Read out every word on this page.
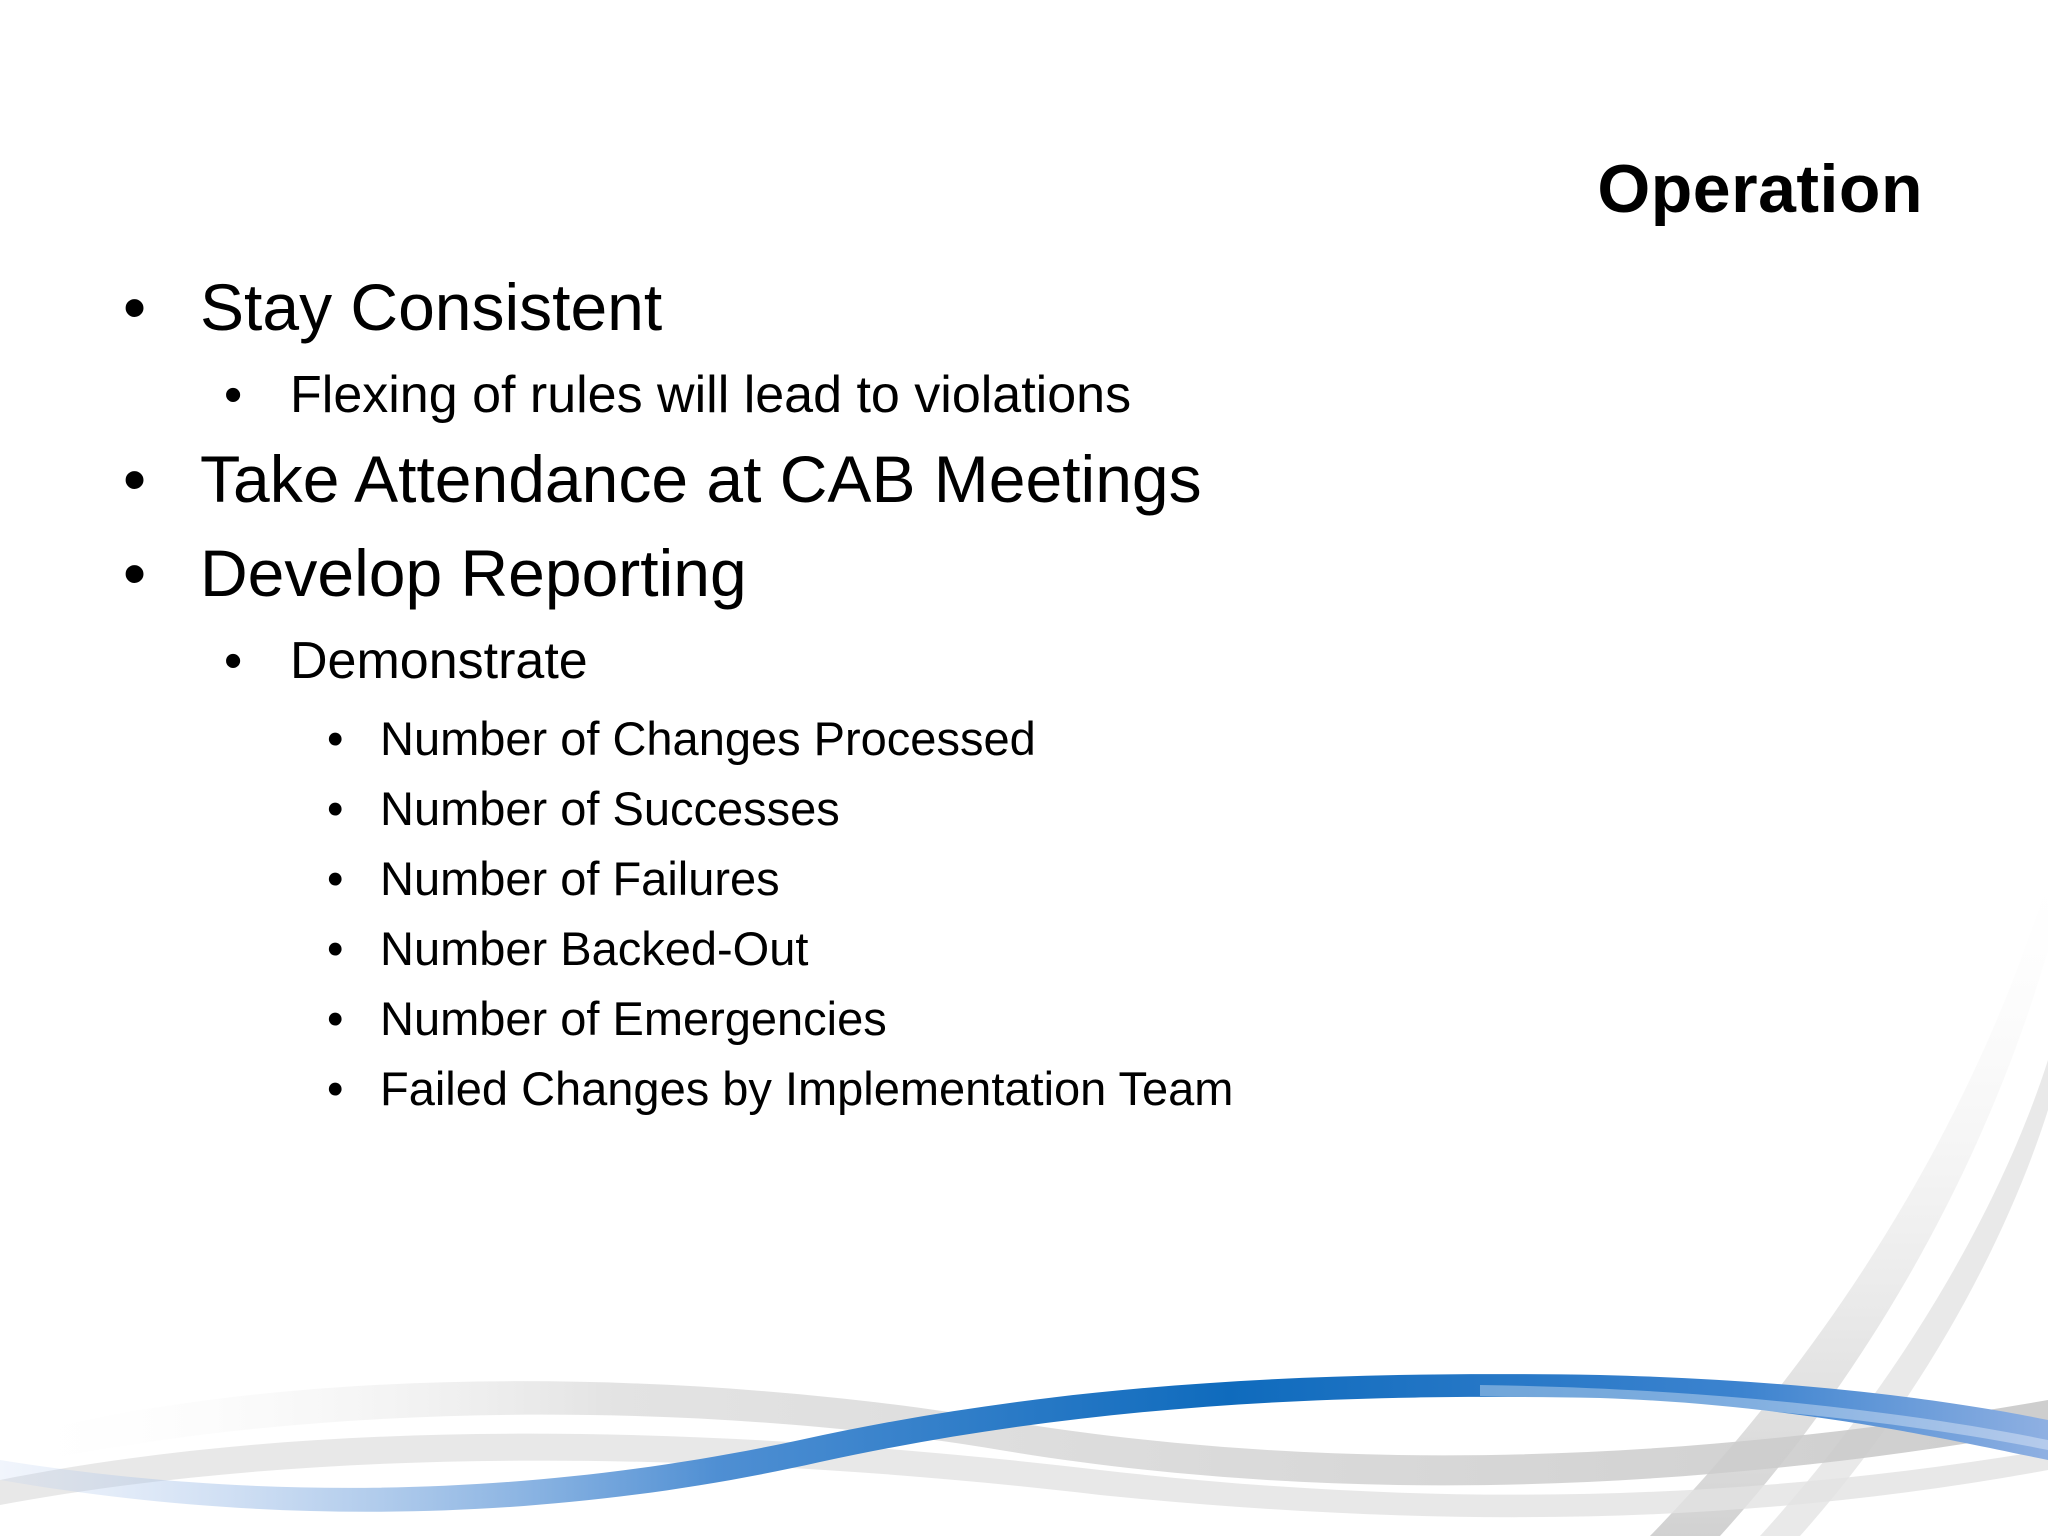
Operation
• Stay Consistent
• Flexing of rules will lead to violations
• Take Attendance at CAB Meetings
• Develop Reporting
• Demonstrate
• Number of Changes Processed
• Number of Successes
• Number of Failures
• Number Backed-Out
• Number of Emergencies
• Failed Changes by Implementation Team
